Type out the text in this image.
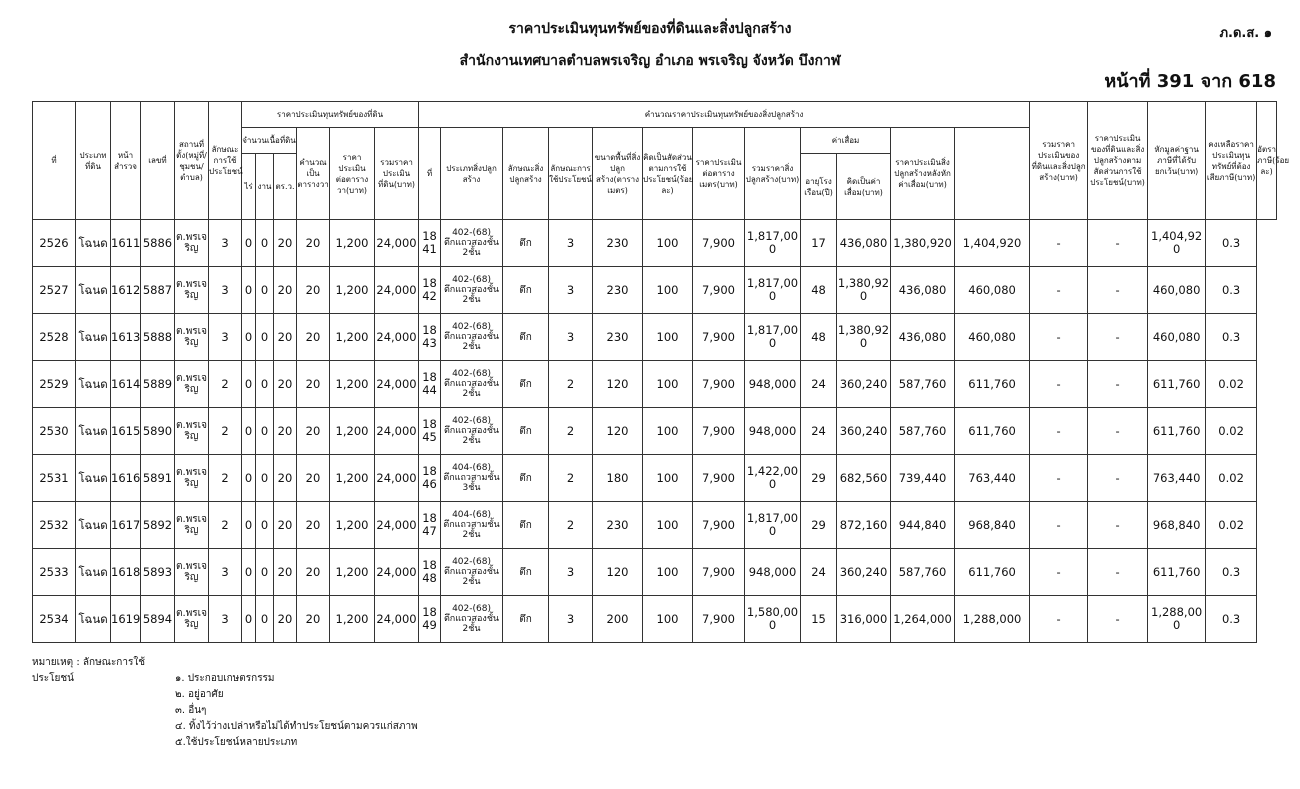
ราคาประเมินทุนทรัพย์ของที่ดินและสิ่งปลูกสร้าง	ภ.ด.ส. ๑
สำนักงานเทศบาลตำบลพรเจริญ อำเภอ พรเจริญ จังหวัด บึงกาฬ
หน้าที่ 391 จาก 618
ที่	ประเภทที่ดิน	หน้าสำรวจ	เลขที่	สถานที่ตั้ง(หมู่ที่/ชุมชน/ตำบล)	ลักษณะการใช้ประโยชน์	ราคาประเมินทุนทรัพย์ของที่ดิน						คำนวณราคาประเมินทุนทรัพย์ของสิ่งปลูกสร้าง												รวมราคาประเมินของที่ดินและสิ่งปลูกสร้าง(บาท)	ราคาประเมินของที่ดินและสิ่งปลูกสร้างตามสัดส่วนการใช้ประโยชน์(บาท)	หักมูลค่าฐานภาษีที่ได้รับยกเว้น(บาท)	คงเหลือราคาประเมินทุนทรัพย์ที่ต้องเสียภาษี(บาท)	อัตราภาษี(ร้อยละ)
						จำนวนเนื้อที่ดิน			คำนวณเป็นตารางวา	ราคาประเมินต่อตารางวา(บาท)	รวมราคาประเมินที่ดิน(บาท)	ที่	ประเภทสิ่งปลูกสร้าง	ลักษณะสิ่งปลูกสร้าง	ลักษณะการใช้ประโยชน์	ขนาดพื้นที่สิ่งปลูกสร้าง(ตารางเมตร)	คิดเป็นสัดส่วนตามการใช้ประโยชน์(ร้อยละ)	ราคาประเมินต่อตารางเมตร(บาท)	รวมราคาสิ่งปลูกสร้าง(บาท)	ค่าเสื่อม		ราคาประเมินสิ่งปลูกสร้างหลังหักค่าเสื่อม(บาท)						
						ไร่	งาน	ตร.ว.												อายุโรงเรือน(ปี)	คิดเป็นค่าเสื่อม(บาท)							
2526	โฉนด	1611	5886	ต.พรเจริญ	3	0	0	20	20	1,200	24,000	1841	402-(68) ตึกแถวสองชั้น 2ชั้น	ตึก	3	230	100	7,900	1,817,000	17	436,080	1,380,920	1,404,920	-	-	1,404,920	0.3	
2527	โฉนด	1612	5887	ต.พรเจริญ	3	0	0	20	20	1,200	24,000	1842	402-(68) ตึกแถวสองชั้น 2ชั้น	ตึก	3	230	100	7,900	1,817,000	48	1,380,920	436,080	460,080	-	-	460,080	0.3	
2528	โฉนด	1613	5888	ต.พรเจริญ	3	0	0	20	20	1,200	24,000	1843	402-(68) ตึกแถวสองชั้น 2ชั้น	ตึก	3	230	100	7,900	1,817,000	48	1,380,920	436,080	460,080	-	-	460,080	0.3	
2529	โฉนด	1614	5889	ต.พรเจริญ	2	0	0	20	20	1,200	24,000	1844	402-(68) ตึกแถวสองชั้น 2ชั้น	ตึก	2	120	100	7,900	948,000	24	360,240	587,760	611,760	-	-	611,760	0.02	
2530	โฉนด	1615	5890	ต.พรเจริญ	2	0	0	20	20	1,200	24,000	1845	402-(68) ตึกแถวสองชั้น 2ชั้น	ตึก	2	120	100	7,900	948,000	24	360,240	587,760	611,760	-	-	611,760	0.02	
2531	โฉนด	1616	5891	ต.พรเจริญ	2	0	0	20	20	1,200	24,000	1846	404-(68) ตึกแถวสามชั้น 3ชั้น	ตึก	2	180	100	7,900	1,422,000	29	682,560	739,440	763,440	-	-	763,440	0.02	
2532	โฉนด	1617	5892	ต.พรเจริญ	2	0	0	20	20	1,200	24,000	1847	404-(68) ตึกแถวสามชั้น 2ชั้น	ตึก	2	230	100	7,900	1,817,000	29	872,160	944,840	968,840	-	-	968,840	0.02	
2533	โฉนด	1618	5893	ต.พรเจริญ	3	0	0	20	20	1,200	24,000	1848	402-(68) ตึกแถวสองชั้น 2ชั้น	ตึก	3	120	100	7,900	948,000	24	360,240	587,760	611,760	-	-	611,760	0.3	
2534	โฉนด	1619	5894	ต.พรเจริญ	3	0	0	20	20	1,200	24,000	1849	402-(68) ตึกแถวสองชั้น 2ชั้น	ตึก	3	200	100	7,900	1,580,000	15	316,000	1,264,000	1,288,000	-	-	1,288,000	0.3	
หมายเหตุ : ลักษณะการใช้ประโยชน์	๑. ประกอบเกษตรกรรม
๒. อยู่อาศัย
๓. อื่นๆ
๔. ทิ้งไว้ว่างเปล่าหรือไม่ได้ทำประโยชน์ตามควรแก่สภาพ
๕.ใช้ประโยชน์หลายประเภท
